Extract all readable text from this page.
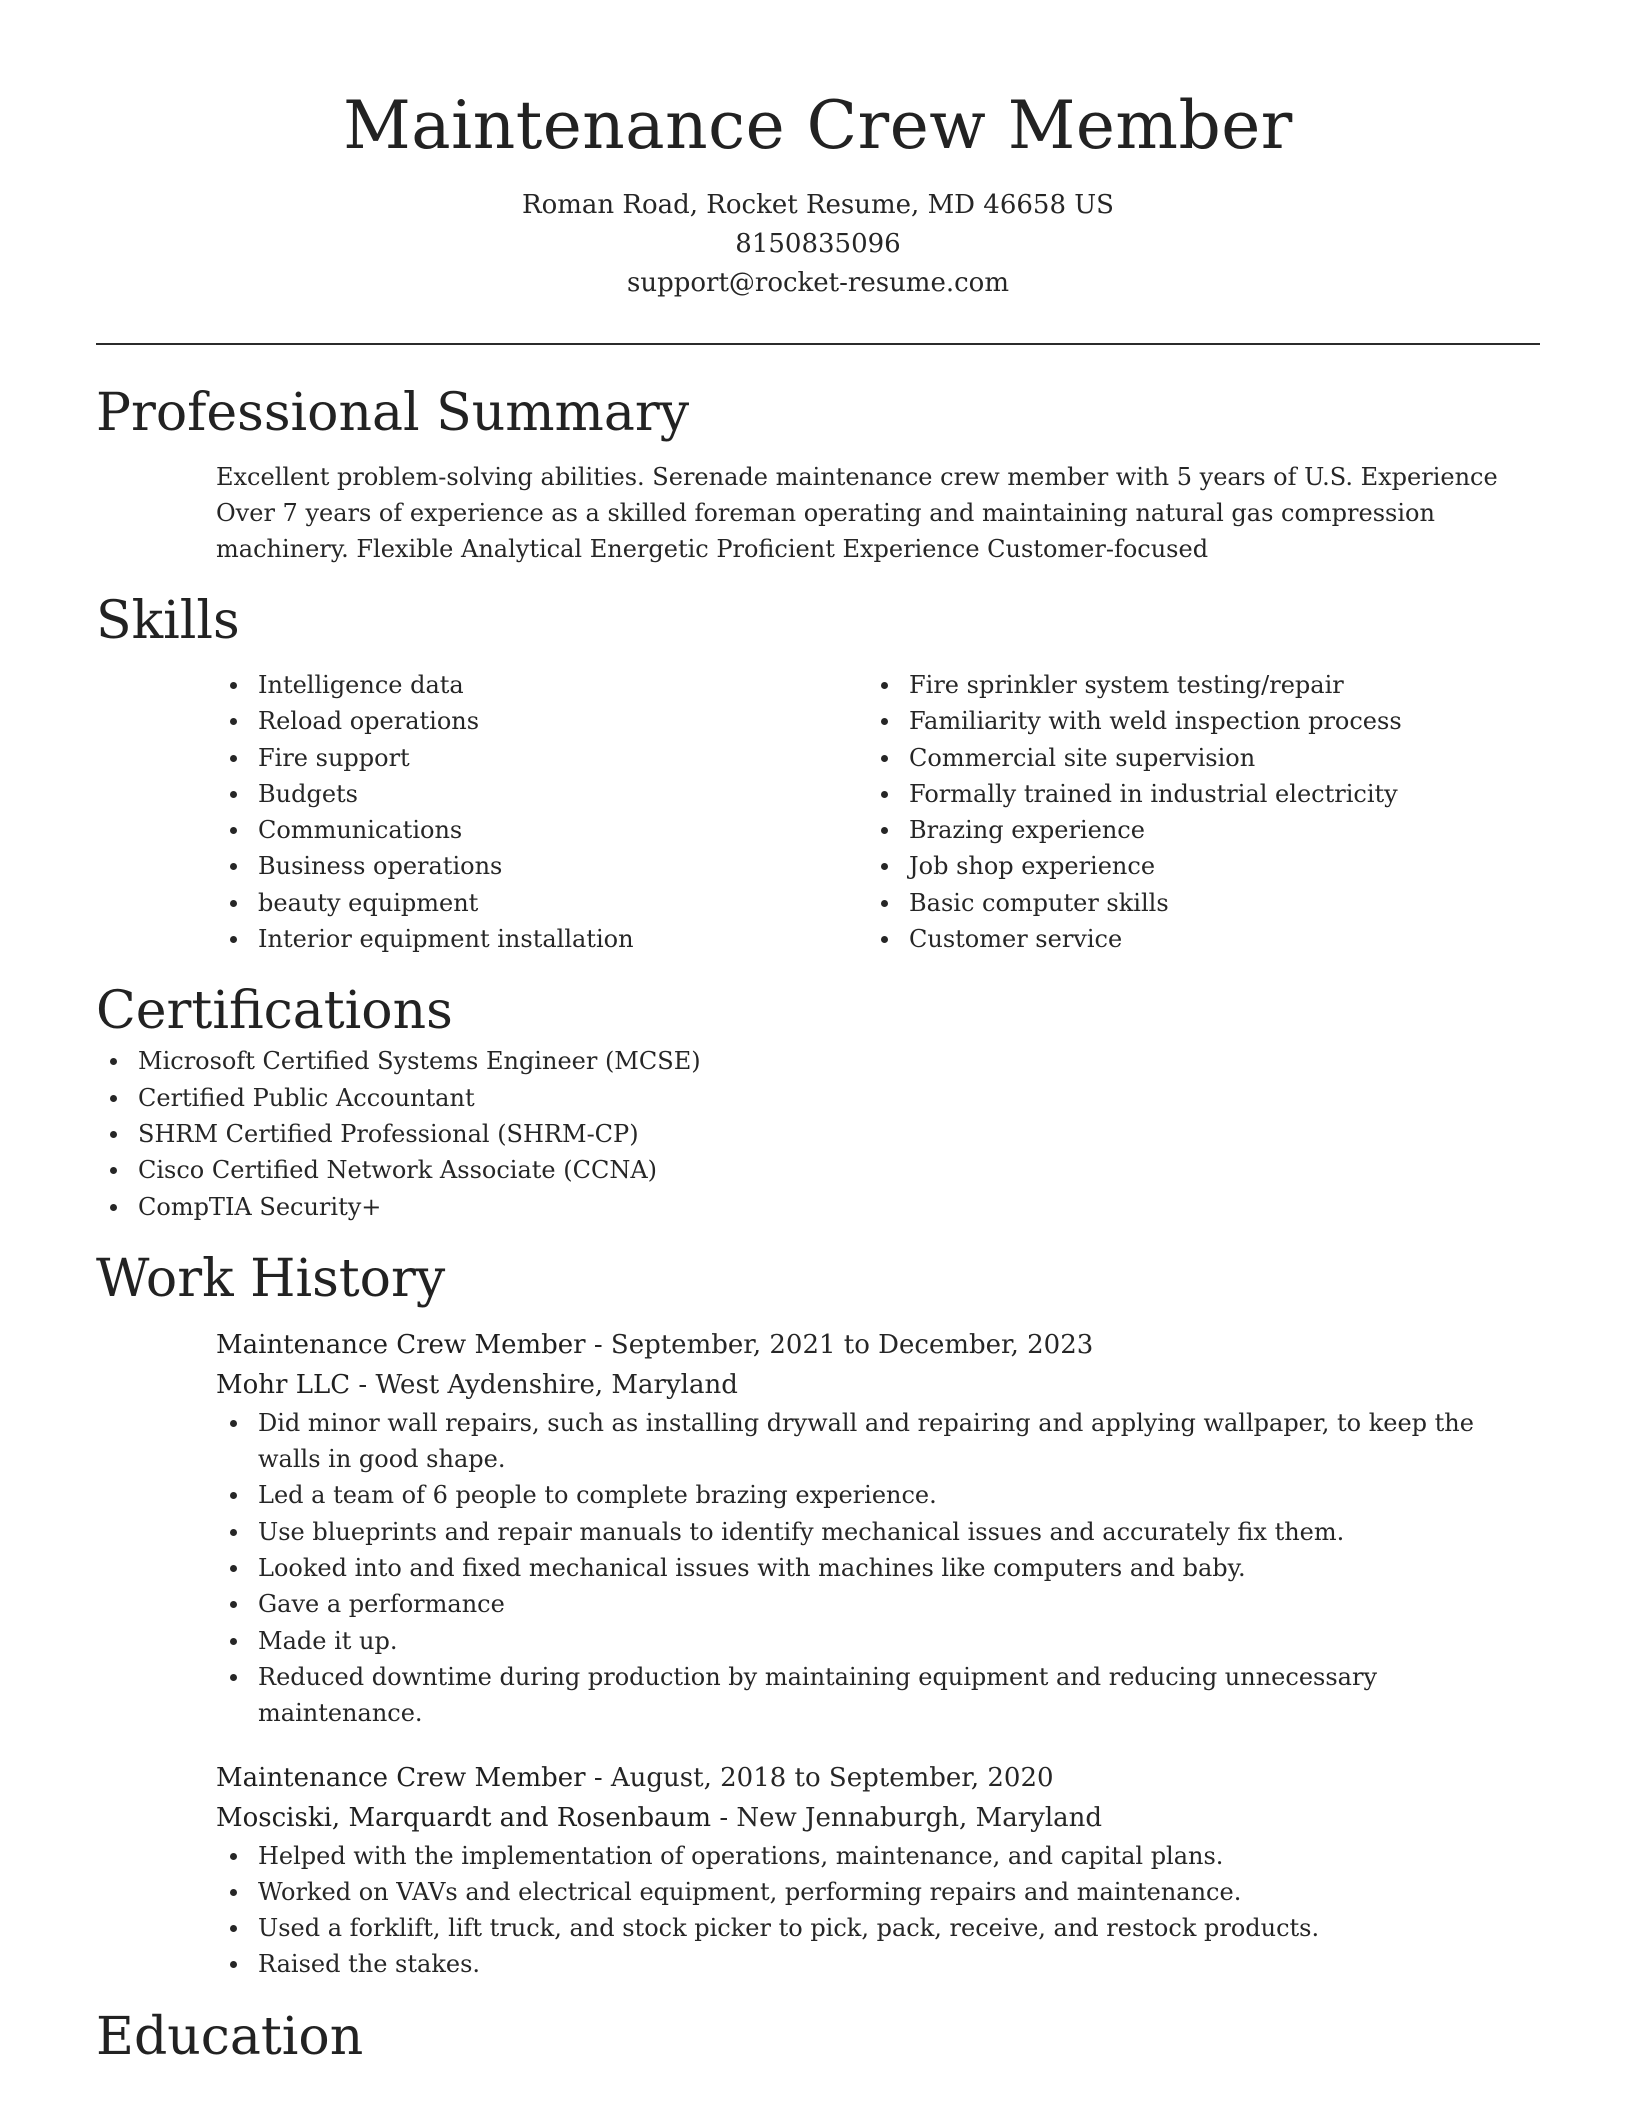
Maintenance Crew Member
Roman Road, Rocket Resume, MD 46658 US
8150835096
support@rocket-resume.com
Professional Summary
Excellent problem-solving abilities. Serenade maintenance crew member with 5 years of U.S. Experience Over 7 years of experience as a skilled foreman operating and maintaining natural gas compression machinery. Flexible Analytical Energetic Proficient Experience Customer-focused
Skills
Intelligence data
Reload operations
Fire support
Budgets
Communications
Business operations
beauty equipment
Interior equipment installation
Fire sprinkler system testing/repair
Familiarity with weld inspection process
Commercial site supervision
Formally trained in industrial electricity
Brazing experience
Job shop experience
Basic computer skills
Customer service
Certifications
Microsoft Certified Systems Engineer (MCSE)
Certified Public Accountant
SHRM Certified Professional (SHRM-CP)
Cisco Certified Network Associate (CCNA)
CompTIA Security+
Work History
Maintenance Crew Member - September, 2021 to December, 2023
Mohr LLC - West Aydenshire, Maryland
Did minor wall repairs, such as installing drywall and repairing and applying wallpaper, to keep the walls in good shape.
Led a team of 6 people to complete brazing experience.
Use blueprints and repair manuals to identify mechanical issues and accurately fix them.
Looked into and fixed mechanical issues with machines like computers and baby.
Gave a performance
Made it up.
Reduced downtime during production by maintaining equipment and reducing unnecessary maintenance.
Maintenance Crew Member - August, 2018 to September, 2020
Mosciski, Marquardt and Rosenbaum - New Jennaburgh, Maryland
Helped with the implementation of operations, maintenance, and capital plans.
Worked on VAVs and electrical equipment, performing repairs and maintenance.
Used a forklift, lift truck, and stock picker to pick, pack, receive, and restock products.
Raised the stakes.
Education
